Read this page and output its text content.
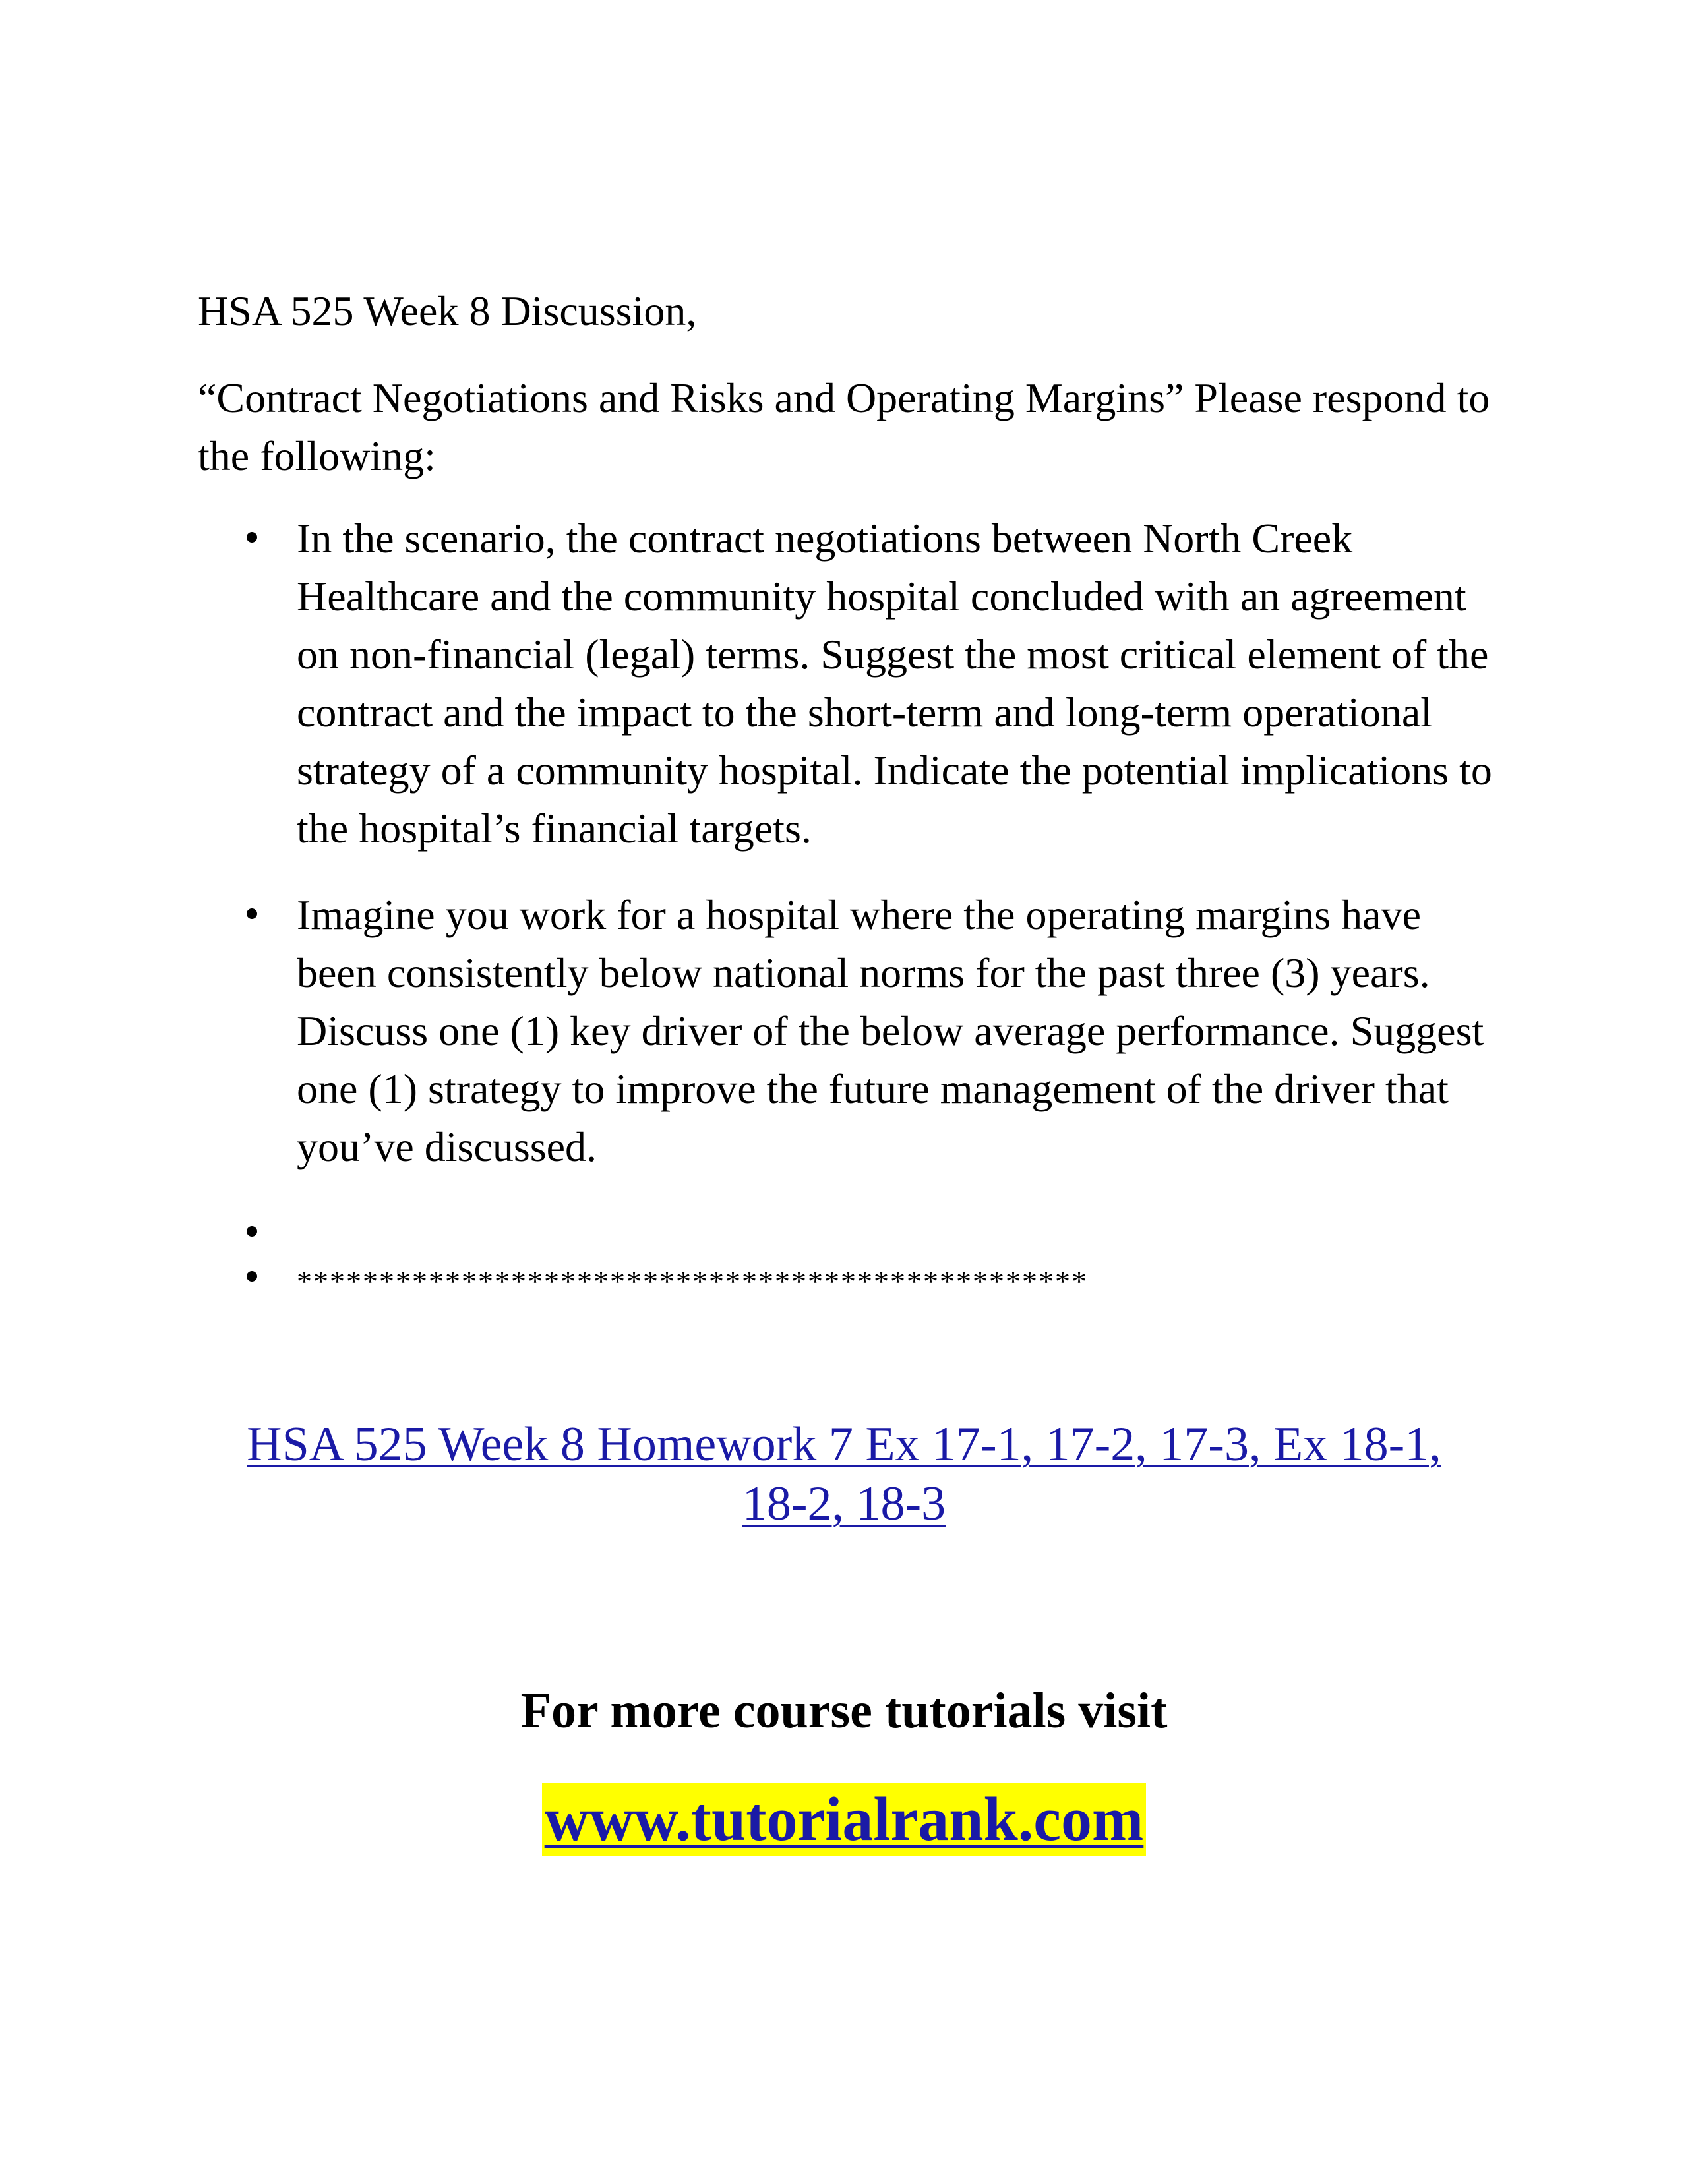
HSA 525 Week 8 Discussion,

“Contract Negotiations and Risks and Operating Margins” Please respond to the following:

In the scenario, the contract negotiations between North Creek Healthcare and the community hospital concluded with an agreement on non-financial (legal) terms. Suggest the most critical element of the contract and the impact to the short-term and long-term operational strategy of a community hospital. Indicate the potential implications to the hospital’s financial targets.
Imagine you work for a hospital where the operating margins have been consistently below national norms for the past three (3) years. Discuss one (1) key driver of the below average performance. Suggest one (1) strategy to improve the future management of the driver that you’ve discussed.
************************************************
HSA 525 Week 8 Homework 7 Ex 17-1, 17-2, 17-3, Ex 18-1, 18-2, 18-3

For more course tutorials visit

www.tutorialrank.com
